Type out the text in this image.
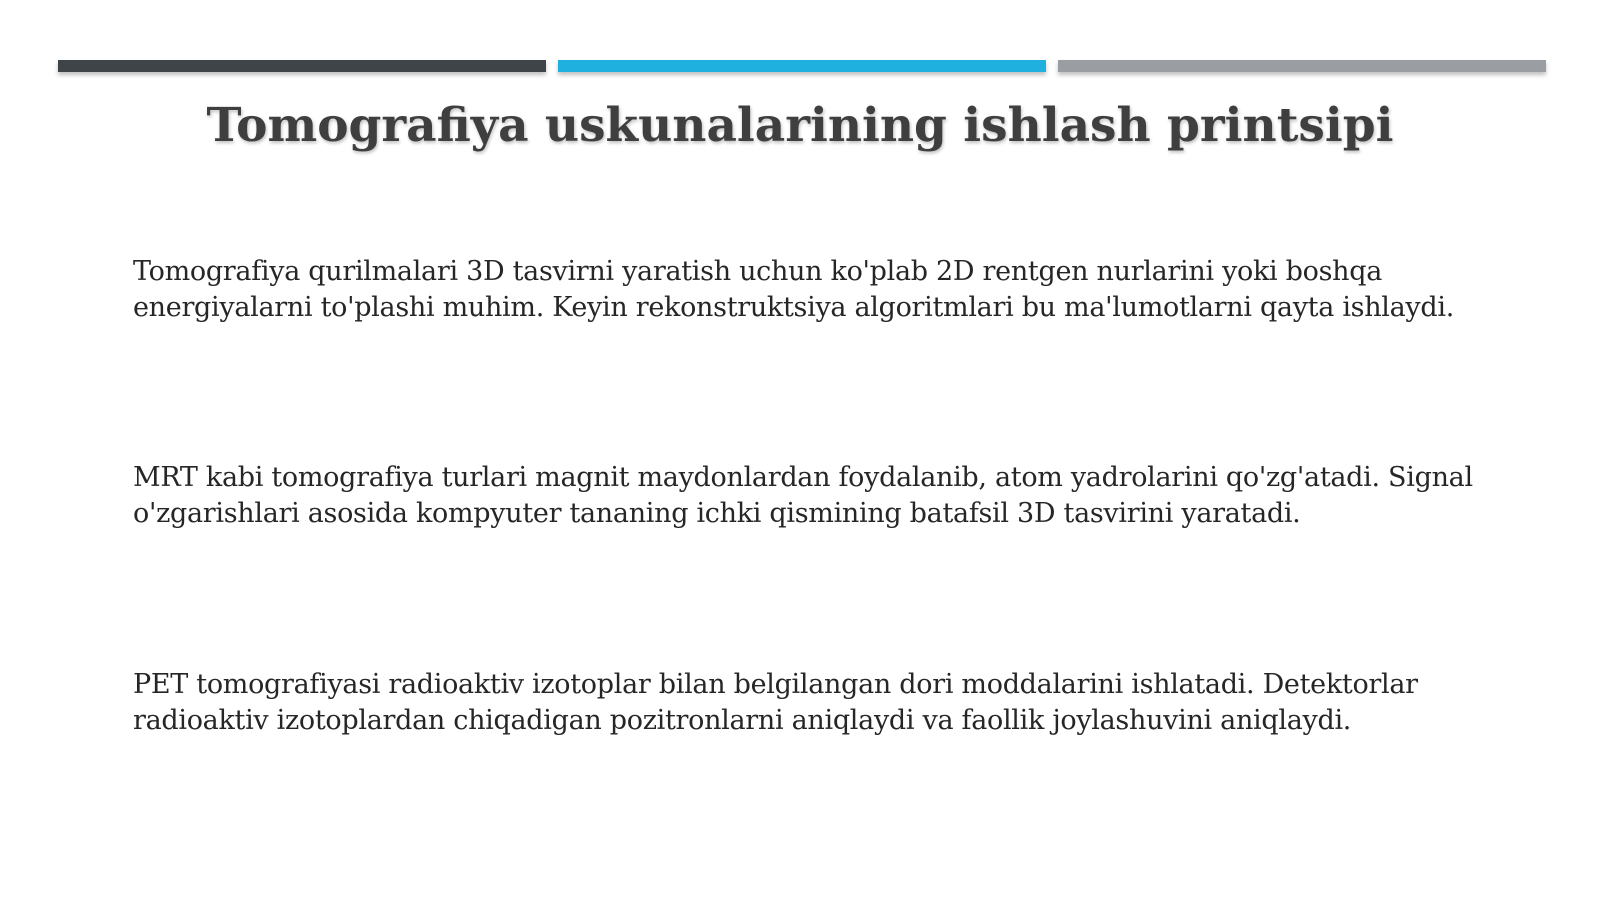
Tomografiya uskunalarining ishlash printsipi

Tomografiya qurilmalari 3D tasvirni yaratish uchun ko'plab 2D rentgen nurlarini yoki boshqa energiyalarni to'plashi muhim. Keyin rekonstruktsiya algoritmlari bu ma'lumotlarni qayta ishlaydi.

MRT kabi tomografiya turlari magnit maydonlardan foydalanib, atom yadrolarini qo'zg'atadi. Signal o'zgarishlari asosida kompyuter tananing ichki qismining batafsil 3D tasvirini yaratadi.

PET tomografiyasi radioaktiv izotoplar bilan belgilangan dori moddalarini ishlatadi. Detektorlar radioaktiv izotoplardan chiqadigan pozitronlarni aniqlaydi va faollik joylashuvini aniqlaydi.
